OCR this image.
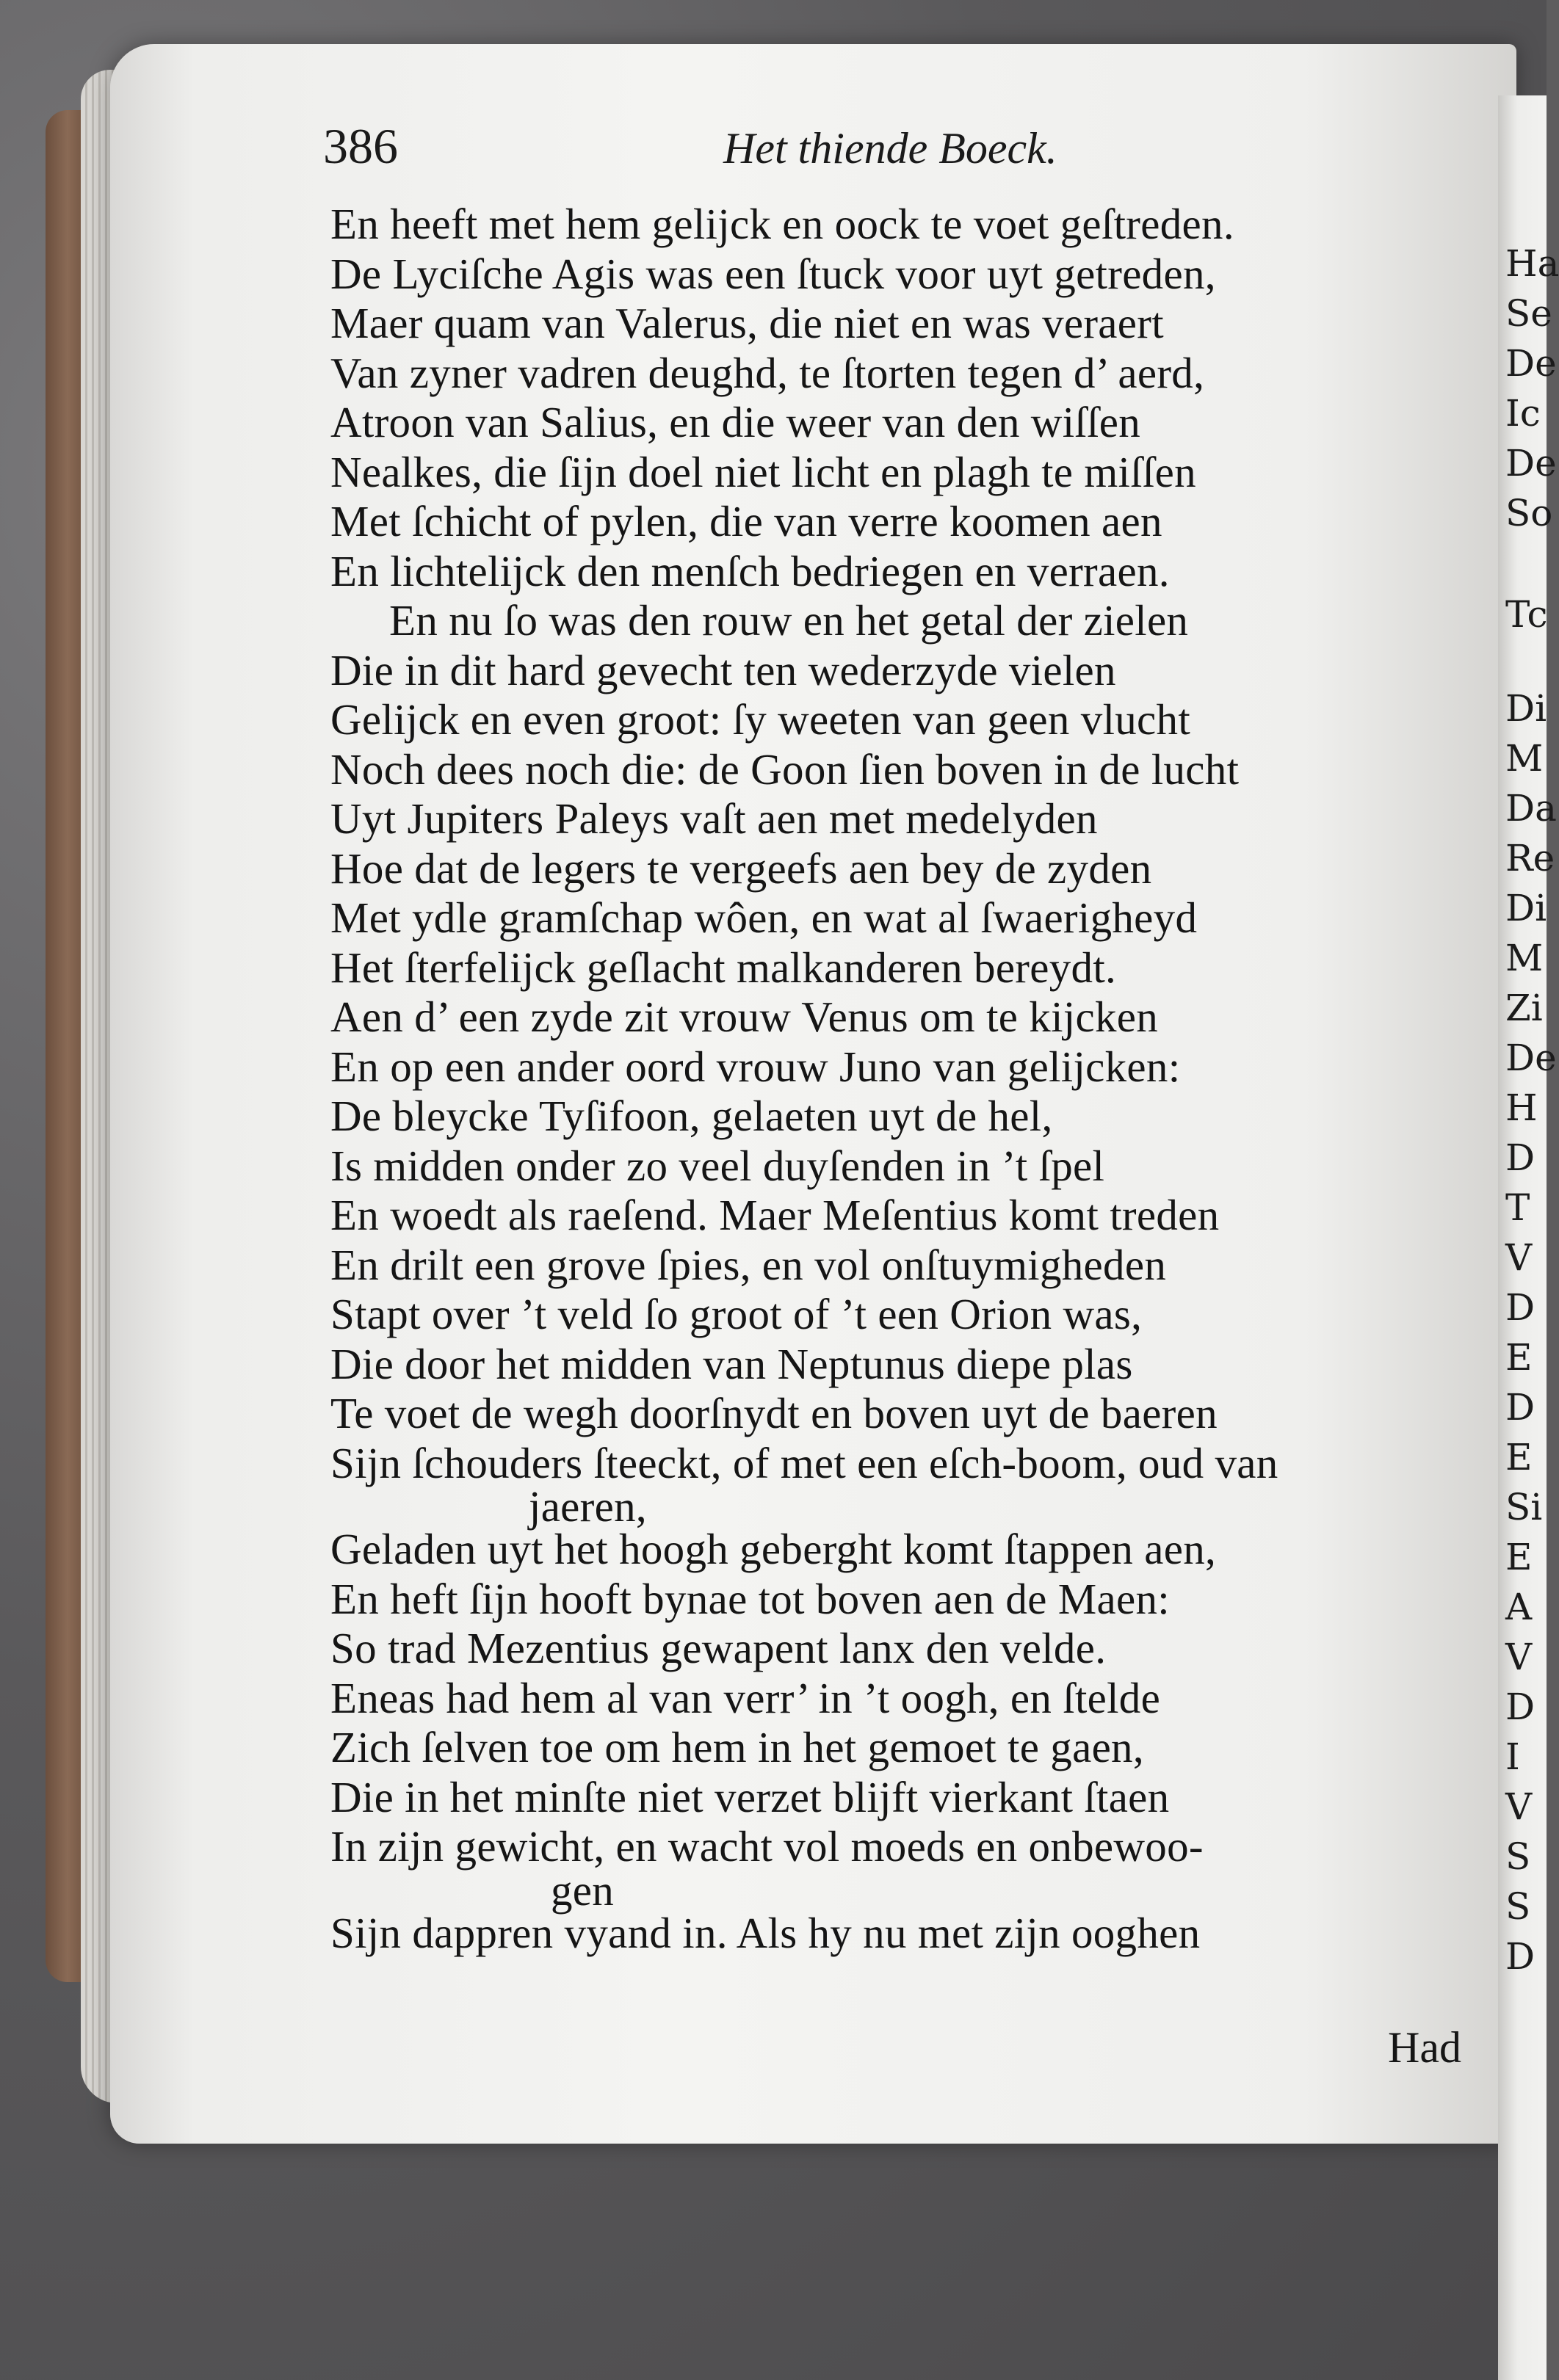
Ha
Se
De
Ic
De
So
Tc
Di
M
Da
Re
Di
M
Zi
De
H
D
T
V
D
E
D
E
Si
E
A
V
D
I
V
S
S
D
386	Het thiende Boeck.
En heeft met hem gelijck en oock te voet geſtreden.
De Lyciſche Agis was een ſtuck voor uyt getreden,
Maer quam van Valerus, die niet en was veraert
Van zyner vadren deughd, te ſtorten tegen d’ aerd,
Atroon van Salius, en die weer van den wiſſen
Nealkes, die ſijn doel niet licht en plagh te miſſen
Met ſchicht of pylen, die van verre koomen aen
En lichtelijck den menſch bedriegen en verraen.
En nu ſo was den rouw en het getal der zielen
Die in dit hard gevecht ten wederzyde vielen
Gelijck en even groot: ſy weeten van geen vlucht
Noch dees noch die: de Goon ſien boven in de lucht
Uyt Jupiters Paleys vaſt aen met medelyden
Hoe dat de legers te vergeefs aen bey de zyden
Met ydle gramſchap wôen, en wat al ſwaerigheyd
Het ſterfelijck geſlacht malkanderen bereydt.
Aen d’ een zyde zit vrouw Venus om te kijcken
En op een ander oord vrouw Juno van gelijcken:
De bleycke Tyſifoon, gelaeten uyt de hel,
Is midden onder zo veel duyſenden in ’t ſpel
En woedt als raeſend. Maer Meſentius komt treden
En drilt een grove ſpies, en vol onſtuymigheden
Stapt over ’t veld ſo groot of ’t een Orion was,
Die door het midden van Neptunus diepe plas
Te voet de wegh doorſnydt en boven uyt de baeren
Sijn ſchouders ſteeckt, of met een eſch-boom, oud van
jaeren,
Geladen uyt het hoogh geberght komt ſtappen aen,
En heft ſijn hooft bynae tot boven aen de Maen:
So trad Mezentius gewapent lanx den velde.
Eneas had hem al van verr’ in ’t oogh, en ſtelde
Zich ſelven toe om hem in het gemoet te gaen,
Die in het minſte niet verzet blijft vierkant ſtaen
In zijn gewicht, en wacht vol moeds en onbewoo-
gen
Sijn dappren vyand in. Als hy nu met zijn ooghen
Had
